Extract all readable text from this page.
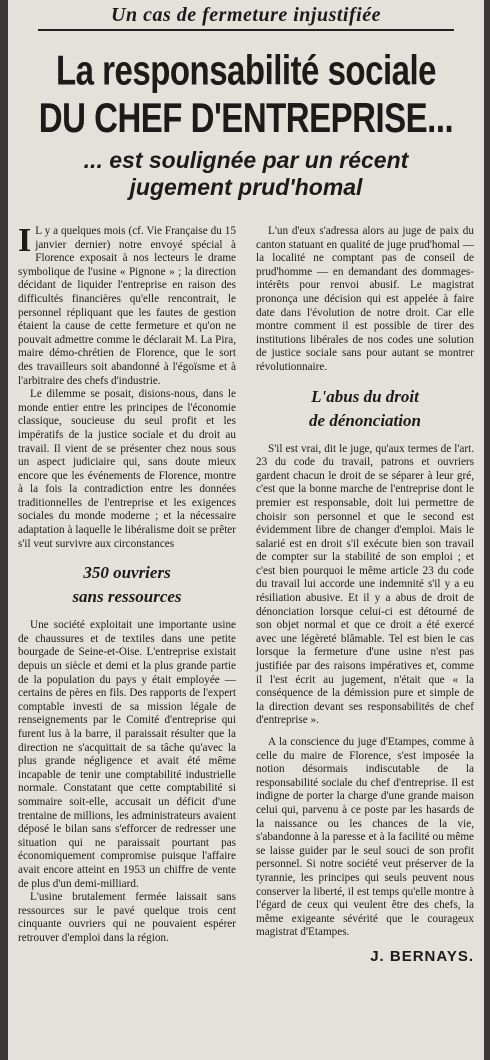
Un cas de fermeture injustifiée
La responsabilité sociale
DU CHEF D'ENTREPRISE...
... est soulignée par un récent
jugement prud'homal

I L y a quelques mois (cf. Vie Française du 15 janvier dernier) notre envoyé spécial à Florence exposait à nos lecteurs le drame symbolique de l'usine « Pignone » ; la direction décidant de liquider l'entreprise en raison des difficultés financières qu'elle rencontrait, le personnel répliquant que les fautes de gestion étaient la cause de cette fermeture et qu'on ne pouvait admettre comme le déclarait M. La Pira, maire démo-chrétien de Florence, que le sort des travailleurs soit abandonné à l'égoïsme et à l'arbitraire des chefs d'industrie.

Le dilemme se posait, disions-nous, dans le monde entier entre les principes de l'économie classique, soucieuse du seul profit et les impératifs de la justice sociale et du droit au travail. Il vient de se présenter chez nous sous un aspect judiciaire qui, sans doute mieux encore que les événements de Florence, montre à la fois la contradiction entre les données traditionnelles de l'entreprise et les exigences sociales du monde moderne ; et la nécessaire adaptation à laquelle le libéralisme doit se prêter s'il veut survivre aux circonstances

350 ouvriers
sans ressources

Une société exploitait une importante usine de chaussures et de textiles dans une petite bourgade de Seine-et-Oise. L'entreprise existait depuis un siècle et demi et la plus grande partie de la population du pays y était employée — certains de pères en fils. Des rapports de l'expert comptable investi de sa mission légale de renseignements par le Comité d'entreprise qui furent lus à la barre, il paraissait résulter que la direction ne s'acquittait de sa tâche qu'avec la plus grande négligence et avait été même incapable de tenir une comptabilité industrielle normale. Constatant que cette comptabilité si sommaire soit-elle, accusait un déficit d'une trentaine de millions, les administrateurs avaient déposé le bilan sans s'efforcer de redresser une situation qui ne paraissait pourtant pas économiquement compromise puisque l'affaire avait encore atteint en 1953 un chiffre de vente de plus d'un demi-milliard.

L'usine brutalement fermée laissait sans ressources sur le pavé quelque trois cent cinquante ouvriers qui ne pouvaient espérer retrouver d'emploi dans la région.

L'un d'eux s'adressa alors au juge de paix du canton statuant en qualité de juge prud'homal — la localité ne comptant pas de conseil de prud'homme — en demandant des dommages-intérêts pour renvoi abusif. Le magistrat prononça une décision qui est appelée à faire date dans l'évolution de notre droit. Car elle montre comment il est possible de tirer des institutions libérales de nos codes une solution de justice sociale sans pour autant se montrer révolutionnaire.

L'abus du droit
de dénonciation

S'il est vrai, dit le juge, qu'aux termes de l'art. 23 du code du travail, patrons et ouvriers gardent chacun le droit de se séparer à leur gré, c'est que la bonne marche de l'entreprise dont le premier est responsable, doit lui permettre de choisir son personnel et que le second est évidemment libre de changer d'emploi. Mais le salarié est en droit s'il exécute bien son travail de compter sur la stabilité de son emploi ; et c'est bien pourquoi le même article 23 du code du travail lui accorde une indemnité s'il y a eu résiliation abusive. Et il y a abus de droit de dénonciation lorsque celui-ci est détourné de son objet normal et que ce droit a été exercé avec une légèreté blâmable. Tel est bien le cas lorsque la fermeture d'une usine n'est pas justifiée par des raisons impératives et, comme il l'est écrit au jugement, n'était que « la conséquence de la démission pure et simple de la direction devant ses responsabilités de chef d'entreprise ».

A la conscience du juge d'Etampes, comme à celle du maire de Florence, s'est imposée la notion désormais indiscutable de la responsabilité sociale du chef d'entreprise. Il est indigne de porter la charge d'une grande maison celui qui, parvenu à ce poste par les hasards de la naissance ou les chances de la vie, s'abandonne à la paresse et à la facilité ou même se laisse guider par le seul souci de son profit personnel. Si notre société veut préserver de la tyrannie, les principes qui seuls peuvent nous conserver la liberté, il est temps qu'elle montre à l'égard de ceux qui veulent être des chefs, la même exigeante sévérité que le courageux magistrat d'Etampes.

J. BERNAYS.
